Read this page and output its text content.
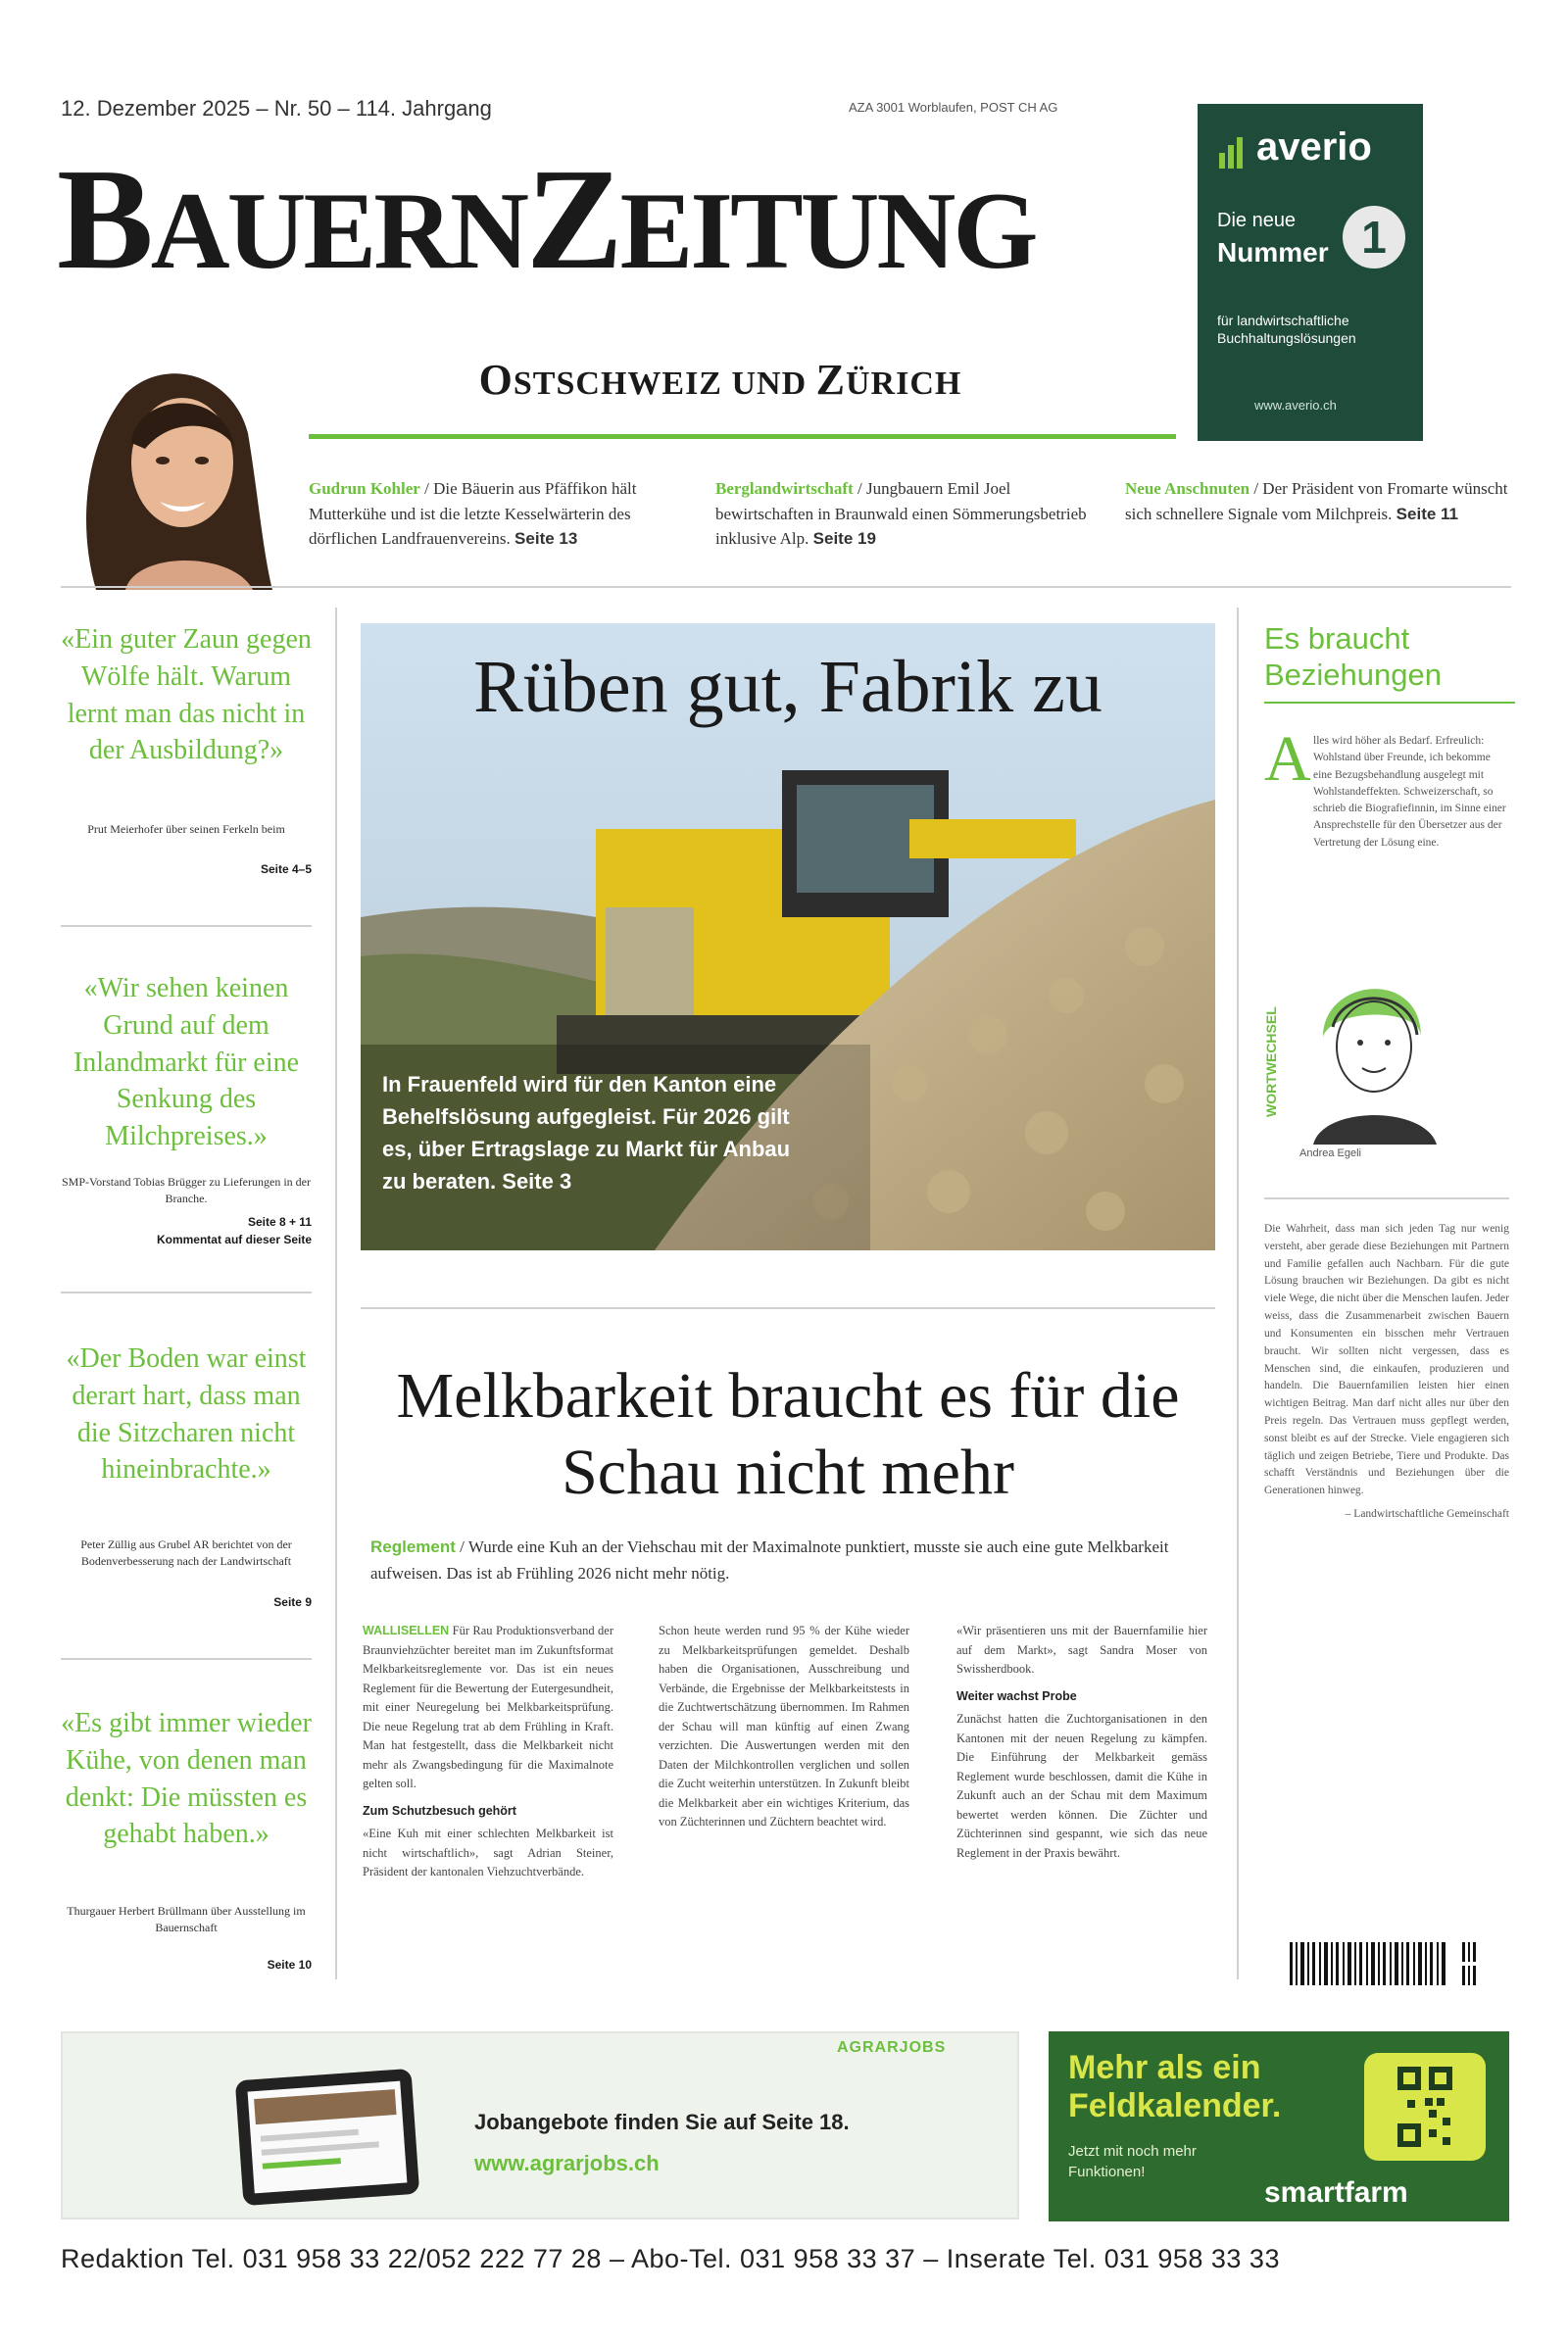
12. Dezember 2025 – Nr. 50 – 114. Jahrgang	AZA 3001 Worblaufen, POST CH AG
BAUERNZEITUNG
OSTSCHWEIZ UND ZÜRICH
averio
Die neue
Nummer 1
für landwirtschaftliche Buchhaltungslösungen
www.averio.ch
Gudrun Kohler / Die Bäuerin aus Pfäffikon hält Mutterkühe und ist die letzte Kesselwärterin des dörflichen Landfrauenvereins. Seite 13
Berglandwirtschaft / Jungbauern Emil Joel bewirtschaften in Braunwald einen Sömmerungsbetrieb inklusive Alp. Seite 19
Neue Anschnuten / Der Präsident von Fromarte wünscht sich schnellere Signale vom Milchpreis. Seite 11
«Ein guter Zaun gegen Wölfe hält. Warum lernt man das nicht in der Ausbildung?»
Prut Meierhofer über seinen Ferkeln beim
Seite 4–5
«Wir sehen keinen Grund auf dem Inlandmarkt für eine Senkung des Milchpreises.»
SMP-Vorstand Tobias Brügger zu Lieferungen in der Branche.
Seite 8 + 11
Kommentat auf dieser Seite
«Der Boden war einst derart hart, dass man die Sitzcharen nicht hineinbrachte.»
Peter Züllig aus Grubel AR berichtet von der Bodenverbesserung nach der Landwirtschaft
Seite 9
«Es gibt immer wieder Kühe, von denen man denkt: Die müssten es gehabt haben.»
Thurgauer Herbert Brüllmann über Ausstellung im Bauernschaft
Seite 10
Rüben gut, Fabrik zu
In Frauenfeld wird für den Kanton eine Behelfslösung aufgegleist. Für 2026 gilt es, über Ertragslage zu Markt für Anbau zu beraten. Seite 3
Melkbarkeit braucht es für die Schau nicht mehr
Reglement / Wurde eine Kuh an der Viehschau mit der Maximalnote punktiert, musste sie auch eine gute Melkbarkeit aufweisen. Das ist ab Frühling 2026 nicht mehr nötig.
WALLISELLEN Für Rau Produktionsverband der Braunviehzüchter bereitet man im Zukunftsformat Melkbarkeitsreglemente vor. Das ist ein neues Reglement für die Bewertung der Eutergesundheit, mit einer Neuregelung bei Melkbarkeitsprüfung. Die neue Regelung trat ab dem Frühling in Kraft. Man hat festgestellt, dass die Melkbarkeit nicht mehr als Zwangsbedingung für die Maximalnote gelten soll.
Zum Schutzbesuch gehört
«Eine Kuh mit einer schlechten Melkbarkeit ist nicht wirtschaftlich», sagt Adrian Steiner, Präsident der kantonalen Viehzuchtverbände.
Schon heute werden rund 95 % der Kühe wieder zu Melkbarkeitsprüfungen gemeldet. Deshalb haben die Organisationen, Ausschreibung und Verbände, die Ergebnisse der Melkbarkeitstests in die Zuchtwertschätzung übernommen. Im Rahmen der Schau will man künftig auf einen Zwang verzichten. Die Auswertungen werden mit den Daten der Milchkontrollen verglichen und sollen die Zucht weiterhin unterstützen. In Zukunft bleibt die Melkbarkeit aber ein wichtiges Kriterium, das von Züchterinnen und Züchtern beachtet wird.
«Wir präsentieren uns mit der Bauernfamilie hier auf dem Markt», sagt Sandra Moser von Swissherdbook.
Weiter wachst Probe
Zunächst hatten die Zuchtorganisationen in den Kantonen mit der neuen Regelung zu kämpfen. Die Einführung der Melkbarkeit gemäss Reglement wurde beschlossen, damit die Kühe in Zukunft auch an der Schau mit dem Maximum bewertet werden können. Die Züchter und Züchterinnen sind gespannt, wie sich das neue Reglement in der Praxis bewährt.
Es braucht Beziehungen
A lles wird höher als Bedarf. Erfreulich: Wohlstand über Freunde, ich bekomme eine Bezugsbehandlung ausgelegt mit Wohlstandeffekten. Schweizerschaft, so schrieb die Biografiefinnin, im Sinne einer Ansprechstelle für den Übersetzer aus der Vertretung der Lösung eine.
WORTWECHSEL
Andrea Egeli
Die Wahrheit, dass man sich jeden Tag nur wenig versteht, aber gerade diese Beziehungen mit Partnern und Familie gefallen auch Nachbarn. Für die gute Lösung brauchen wir Beziehungen. Da gibt es nicht viele Wege, die nicht über die Menschen laufen. Jeder weiss, dass die Zusammenarbeit zwischen Bauern und Konsumenten ein bisschen mehr Vertrauen braucht. Wir sollten nicht vergessen, dass es Menschen sind, die einkaufen, produzieren und handeln. Die Bauernfamilien leisten hier einen wichtigen Beitrag. Man darf nicht alles nur über den Preis regeln. Das Vertrauen muss gepflegt werden, sonst bleibt es auf der Strecke. Viele engagieren sich täglich und zeigen Betriebe, Tiere und Produkte. Das schafft Verständnis und Beziehungen über die Generationen hinweg.

– Landwirtschaftliche Gemeinschaft
AGRARJOBS
Jobangebote finden Sie auf Seite 18.
www.agrarjobs.ch
Mehr als ein Feldkalender.
Jetzt mit noch mehr Funktionen!
smartfarm
Redaktion Tel. 031 958 33 22/052 222 77 28 – Abo-Tel. 031 958 33 37 – Inserate Tel. 031 958 33 33
